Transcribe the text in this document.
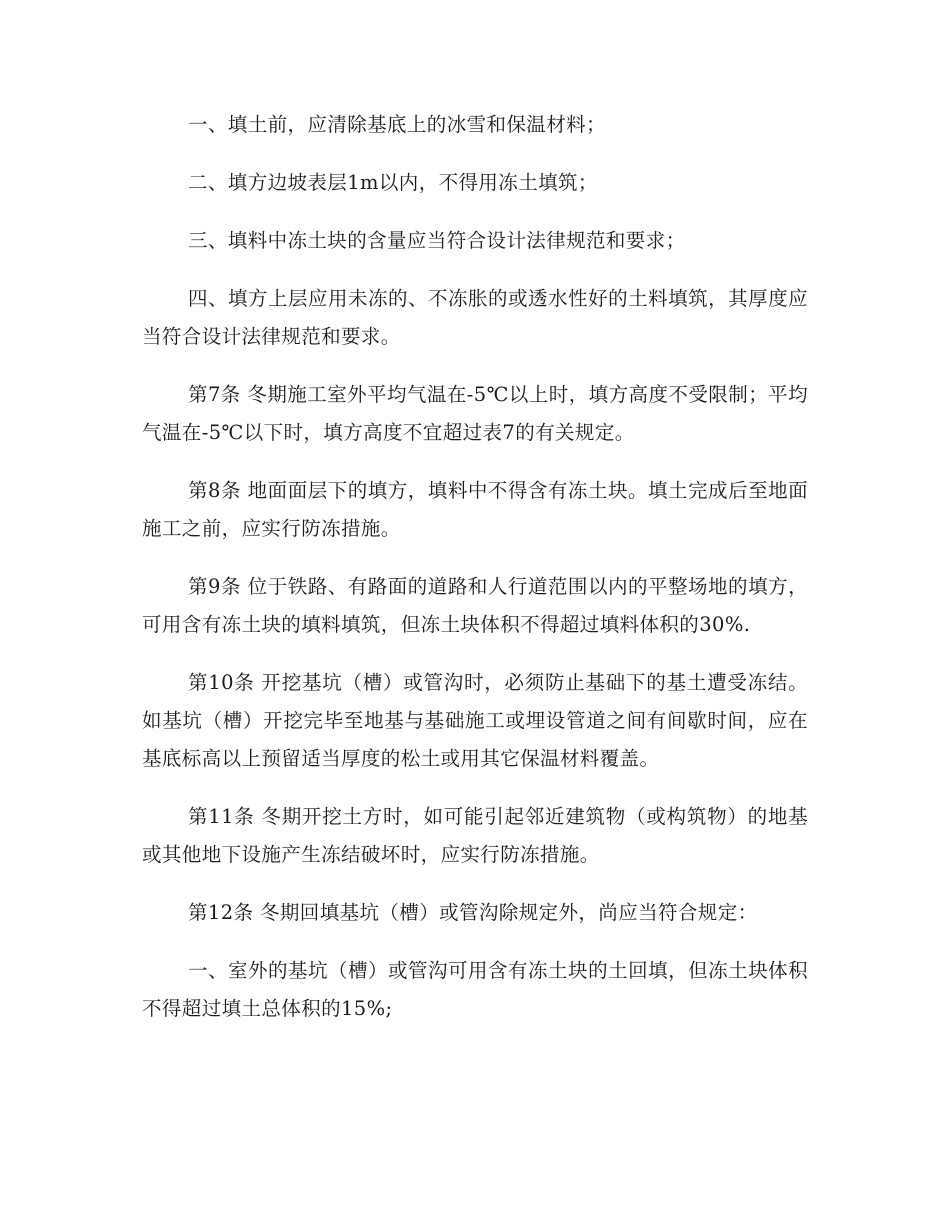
一、填土前，应清除基底上的冰雪和保温材料；

二、填方边坡表层1m以内，不得用冻土填筑；

三、填料中冻土块的含量应当符合设计法律规范和要求；

四、填方上层应用未冻的、不冻胀的或透水性好的土料填筑，其厚度应当符合设计法律规范和要求。

第7条 冬期施工室外平均气温在-5℃以上时，填方高度不受限制；平均气温在-5℃以下时，填方高度不宜超过表7的有关规定。

第8条 地面面层下的填方，填料中不得含有冻土块。填土完成后至地面施工之前，应实行防冻措施。

第9条 位于铁路、有路面的道路和人行道范围以内的平整场地的填方，可用含有冻土块的填料填筑，但冻土块体积不得超过填料体积的30%.

第10条 开挖基坑（槽）或管沟时，必须防止基础下的基土遭受冻结。如基坑（槽）开挖完毕至地基与基础施工或埋设管道之间有间歇时间，应在基底标高以上预留适当厚度的松土或用其它保温材料覆盖。

第11条 冬期开挖土方时，如可能引起邻近建筑物（或构筑物）的地基或其他地下设施产生冻结破坏时，应实行防冻措施。

第12条 冬期回填基坑（槽）或管沟除规定外，尚应当符合规定：

一、室外的基坑（槽）或管沟可用含有冻土块的土回填，但冻土块体积不得超过填土总体积的15%;
